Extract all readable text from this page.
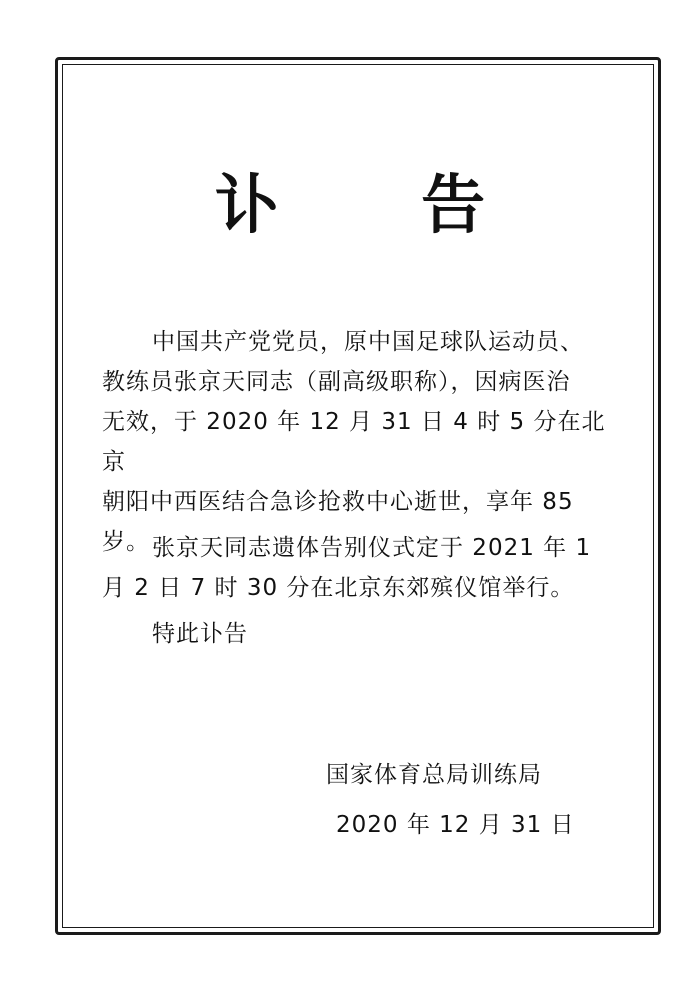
讣 告
中国共产党党员，原中国足球队运动员、
教练员张京天同志（副高级职称），因病医治
无效，于 2020 年 12 月 31 日 4 时 5 分在北京
朝阳中西医结合急诊抢救中心逝世，享年 85
岁。 张京天同志遗体告别仪式定于 2021 年 1
月 2 日 7 时 30 分在北京东郊殡仪馆举行。
特此讣告
国家体育总局训练局
2020 年 12 月 31 日
